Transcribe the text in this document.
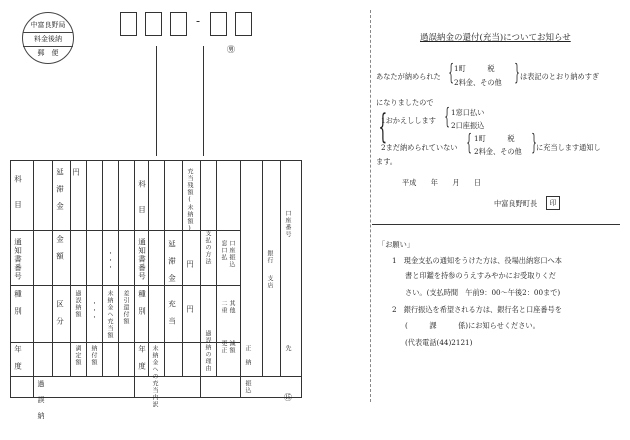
中富良野局
料金後納
郵　便
-
㊚
年　度
種　別
通知書番号
科　　目
過　誤　納
区　分
金　額
延　滞　金 円
調定額 納付額
過誤納額	未納金へ充当額 差引還付額
・・・
・・・
年　度
種　別
通知書番号
科　　目
未納金への充当内訳
充　当
延　滞　金
充当残額(未納額)
円
円
過誤納の理由
支払の方法
更正 減額
二重 其他
窓口払 口座振込
正　納
銀行
支店
口座番号
振込
先
⑮
過誤納金の還付(充当)についてお知らせ
あなたが納められた { 1町　　　税
2料金、その他 } は表記のとおり納めすぎ
になりましたので
{
1おかえしします { 1窓口払い
2口座振込
2まだ納められていない { 1町　　　税
2料金、その他 } に充当します通知し
ます。
平成　　年　　月　　日
中富良野町長	印
「お願い」
1　現金支払の通知をうけた方は、役場出納窓口へ本
書と印鑑を持参のうえすみやかにお受取りくだ
さい。(支払時間　午前9：00〜午後2：00まで)
2　銀行振込を希望される方は、銀行名と口座番号を
(　　　課　　　係)にお知らせください。
(代表電話(44)2121)
